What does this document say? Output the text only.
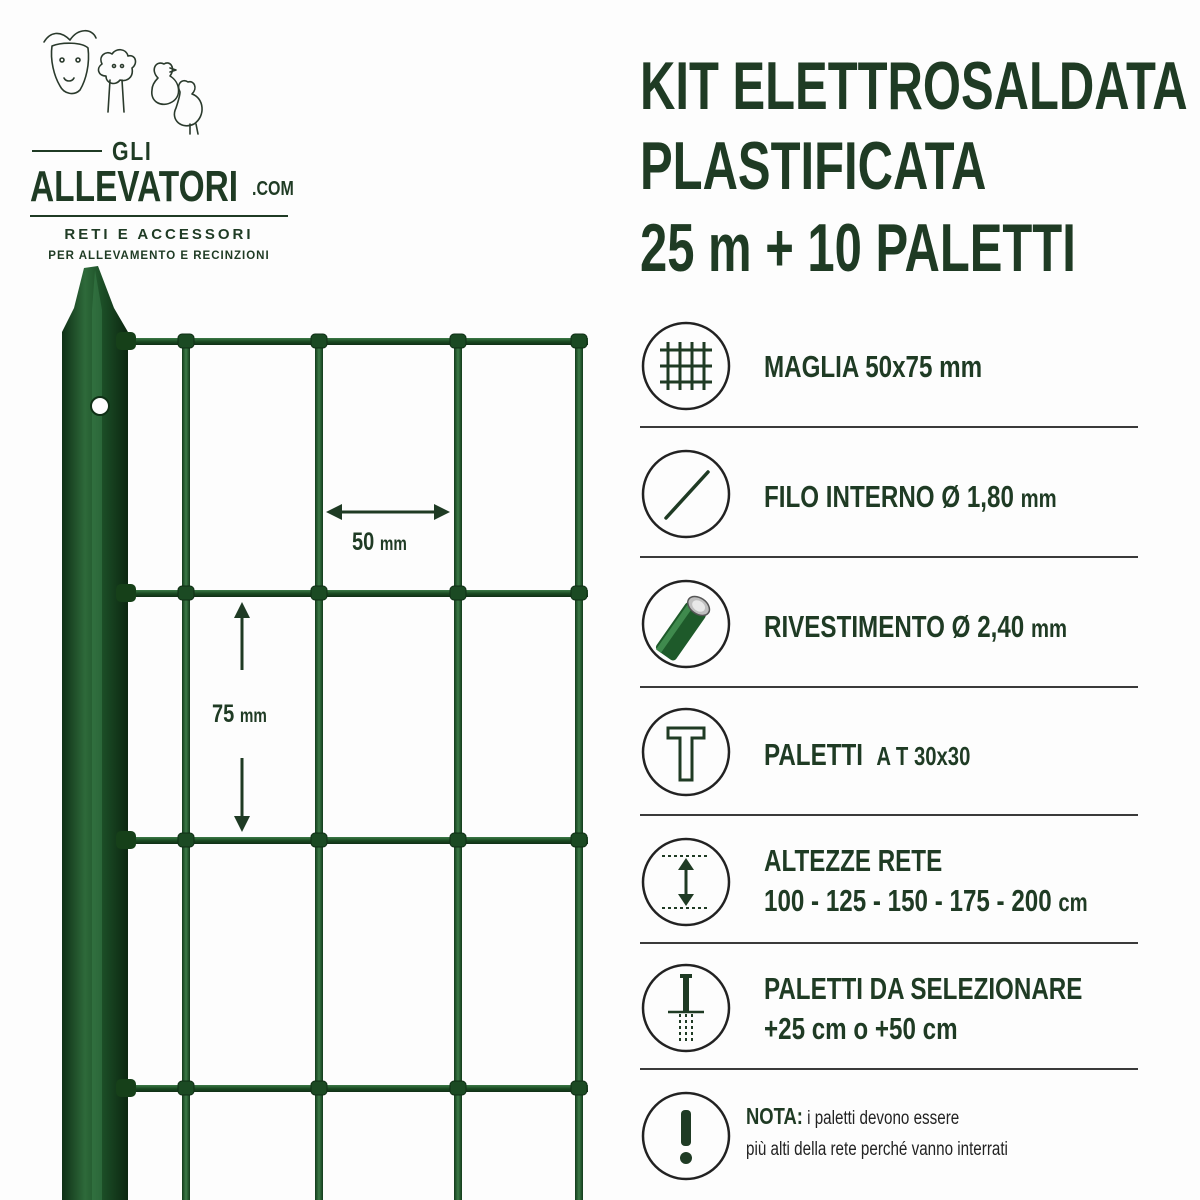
GLI
ALLEVATORI .COM
RETI E ACCESSORI
PER ALLEVAMENTO E RECINZIONI
KIT ELETTROSALDATA
PLASTIFICATA
25 m + 10 PALETTI
50 mm
75 mm
MAGLIA 50x75 mm
FILO INTERNO Ø 1,80 mm
RIVESTIMENTO Ø 2,40 mm
PALETTI A T 30x30
ALTEZZE RETE
100 - 125 - 150 - 175 - 200 cm
PALETTI DA SELEZIONARE
+25 cm o +50 cm
NOTA: i paletti devono essere
più alti della rete perché vanno interrati
